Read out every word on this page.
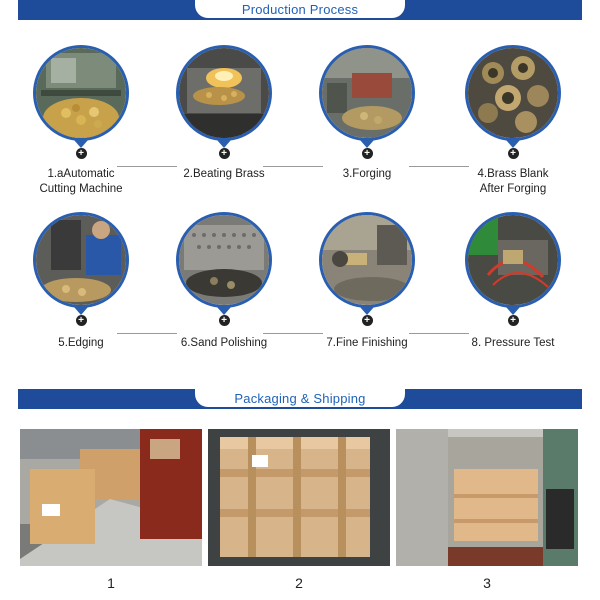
Production Process
+
1.aAutomatic
Cutting Machine
+
2.Beating Brass
+
3.Forging
+
4.Brass Blank
After Forging
+
5.Edging
+
6.Sand Polishing
+
7.Fine Finishing
+
8. Pressure Test
Packaging & Shipping
1	2	3
